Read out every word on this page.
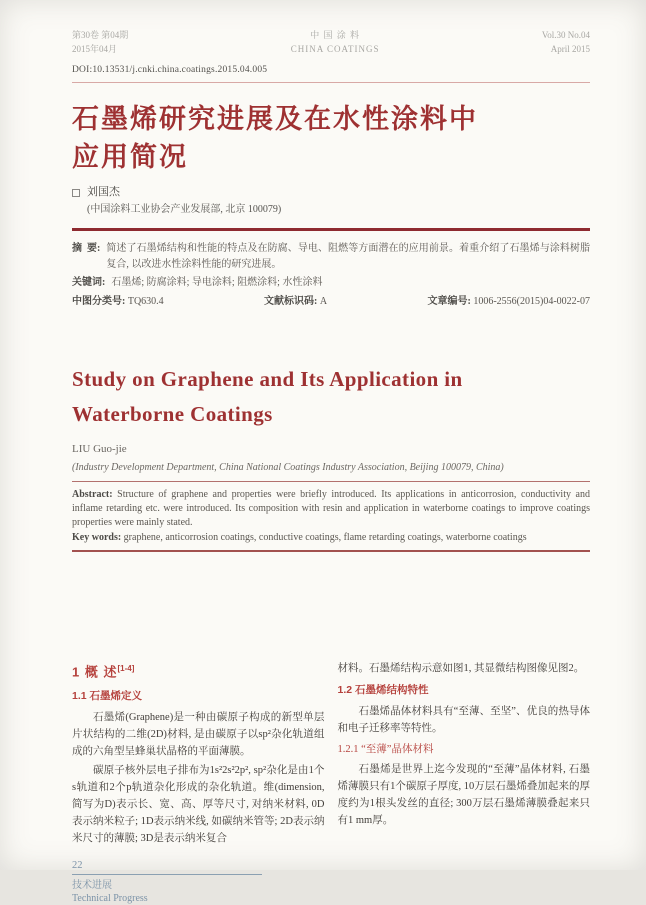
第30卷 第04期
2015年04月
中 国 涂 料
CHINA COATINGS
Vol.30 No.04
April 2015
DOI:10.13531/j.cnki.china.coatings.2015.04.005
石墨烯研究进展及在水性涂料中
应用简况
刘国杰
(中国涂料工业协会产业发展部, 北京 100079)
摘  要: 简述了石墨烯结构和性能的特点及在防腐、导电、阻燃等方面潜在的应用前景。着重介绍了石墨烯与涂料树脂复合, 以改进水性涂料性能的研究进展。
关键词: 石墨烯; 防腐涂料; 导电涂料; 阻燃涂料; 水性涂料
中图分类号: TQ630.4	文献标识码: A	文章编号: 1006-2556(2015)04-0022-07
Study on Graphene and Its Application in
Waterborne Coatings
LIU Guo-jie
(Industry Development Department, China National Coatings Industry Association, Beijing 100079, China)
Abstract: Structure of graphene and properties were briefly introduced. Its applications in anticorrosion, conductivity and inflame retarding etc. were introduced. Its composition with resin and application in waterborne coatings to improve coatings properties were mainly stated.
Key words: graphene, anticorrosion coatings, conductive coatings, flame retarding coatings, waterborne coatings
1 概 述[1-4]
1.1 石墨烯定义

石墨烯(Graphene)是一种由碳原子构成的新型单层片状结构的二维(2D)材料, 是由碳原子以sp²杂化轨道组成的六角型呈蜂巢状晶格的平面薄膜。

碳原子核外层电子排布为1s²2s²2p², sp²杂化是由1个s轨道和2个p轨道杂化形成的杂化轨道。维(dimension, 简写为D)表示长、宽、高、厚等尺寸, 对纳米材料, 0D表示纳米粒子; 1D表示纳米线, 如碳纳米管等; 2D表示纳米尺寸的薄膜; 3D是表示纳米复合

材料。石墨烯结构示意如图1, 其显微结构图像见图2。

1.2 石墨烯结构特性

石墨烯晶体材料具有“至薄、至坚”、优良的热导体和电子迁移率等特性。

1.2.1 “至薄”晶体材料

石墨烯是世界上迄今发现的“至薄”晶体材料, 石墨烯薄膜只有1个碳原子厚度, 10万层石墨烯叠加起来的厚度约为1根头发丝的直径; 300万层石墨烯薄膜叠起来只有1 mm厚。

22
技术进展
Technical Progress
